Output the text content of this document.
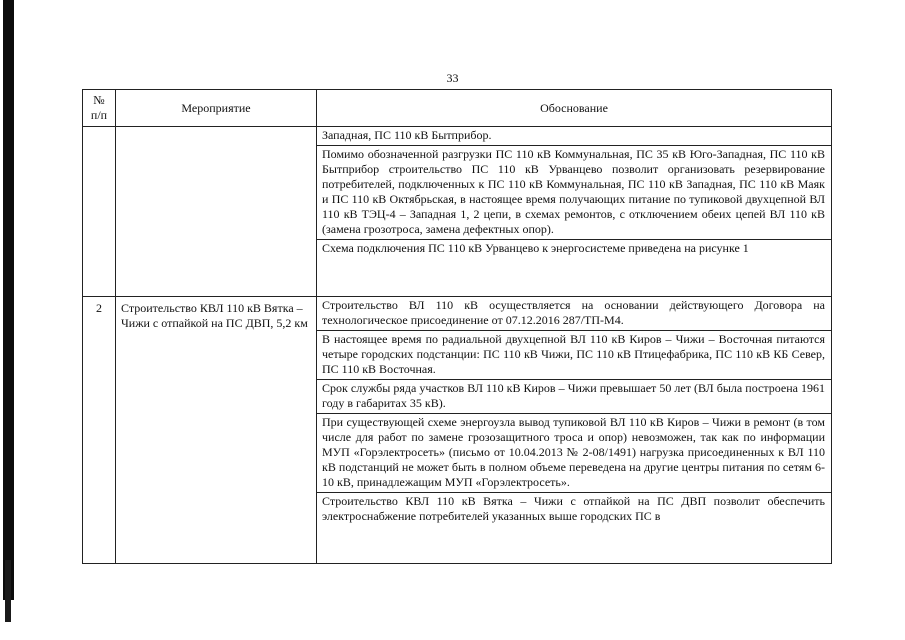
33
№
п/п	Мероприятие	Обоснование

		Западная, ПС 110 кВ Бытприбор.
Помимо обозначенной разгрузки ПС 110 кВ Коммунальная, ПС 35 кВ Юго-Западная, ПС 110 кВ Бытприбор строительство ПС 110 кВ Урванцево позволит организовать резервирование потребителей, подключенных к ПС 110 кВ Коммунальная, ПС 110 кВ Западная, ПС 110 кВ Маяк и ПС 110 кВ Октябрьская, в настоящее время получающих питание по тупиковой двухцепной ВЛ 110 кВ ТЭЦ-4 – Западная 1, 2 цепи, в схемах ремонтов, с отключением обеих цепей ВЛ 110 кВ (замена грозотроса, замена дефектных опор).
Схема подключения ПС 110 кВ Урванцево к энергосистеме приведена на рисунке 1

2	Строительство КВЛ 110 кВ Вятка – Чижи с отпайкой на ПС ДВП, 5,2 км	Строительство ВЛ 110 кВ осуществляется на основании действующего Договора на технологическое присоединение от 07.12.2016 287/ТП-М4.
В настоящее время по радиальной двухцепной ВЛ 110 кВ Киров – Чижи – Восточная питаются четыре городских подстанции: ПС 110 кВ Чижи, ПС 110 кВ Птицефабрика, ПС 110 кВ КБ Север, ПС 110 кВ Восточная.
Срок службы ряда участков ВЛ 110 кВ Киров – Чижи превышает 50 лет (ВЛ была построена 1961 году в габаритах 35 кВ).
При существующей схеме энергоузла вывод тупиковой ВЛ 110 кВ Киров – Чижи в ремонт (в том числе для работ по замене грозозащитного троса и опор) невозможен, так как по информации МУП «Горэлектросеть» (письмо от 10.04.2013 № 2-08/1491) нагрузка присоединенных к ВЛ 110 кВ подстанций не может быть в полном объеме переведена на другие центры питания по сетям 6-10 кВ, принадлежащим МУП «Горэлектросеть».
Строительство КВЛ 110 кВ Вятка – Чижи с отпайкой на ПС ДВП позволит обеспечить электроснабжение потребителей указанных выше городских ПС в
